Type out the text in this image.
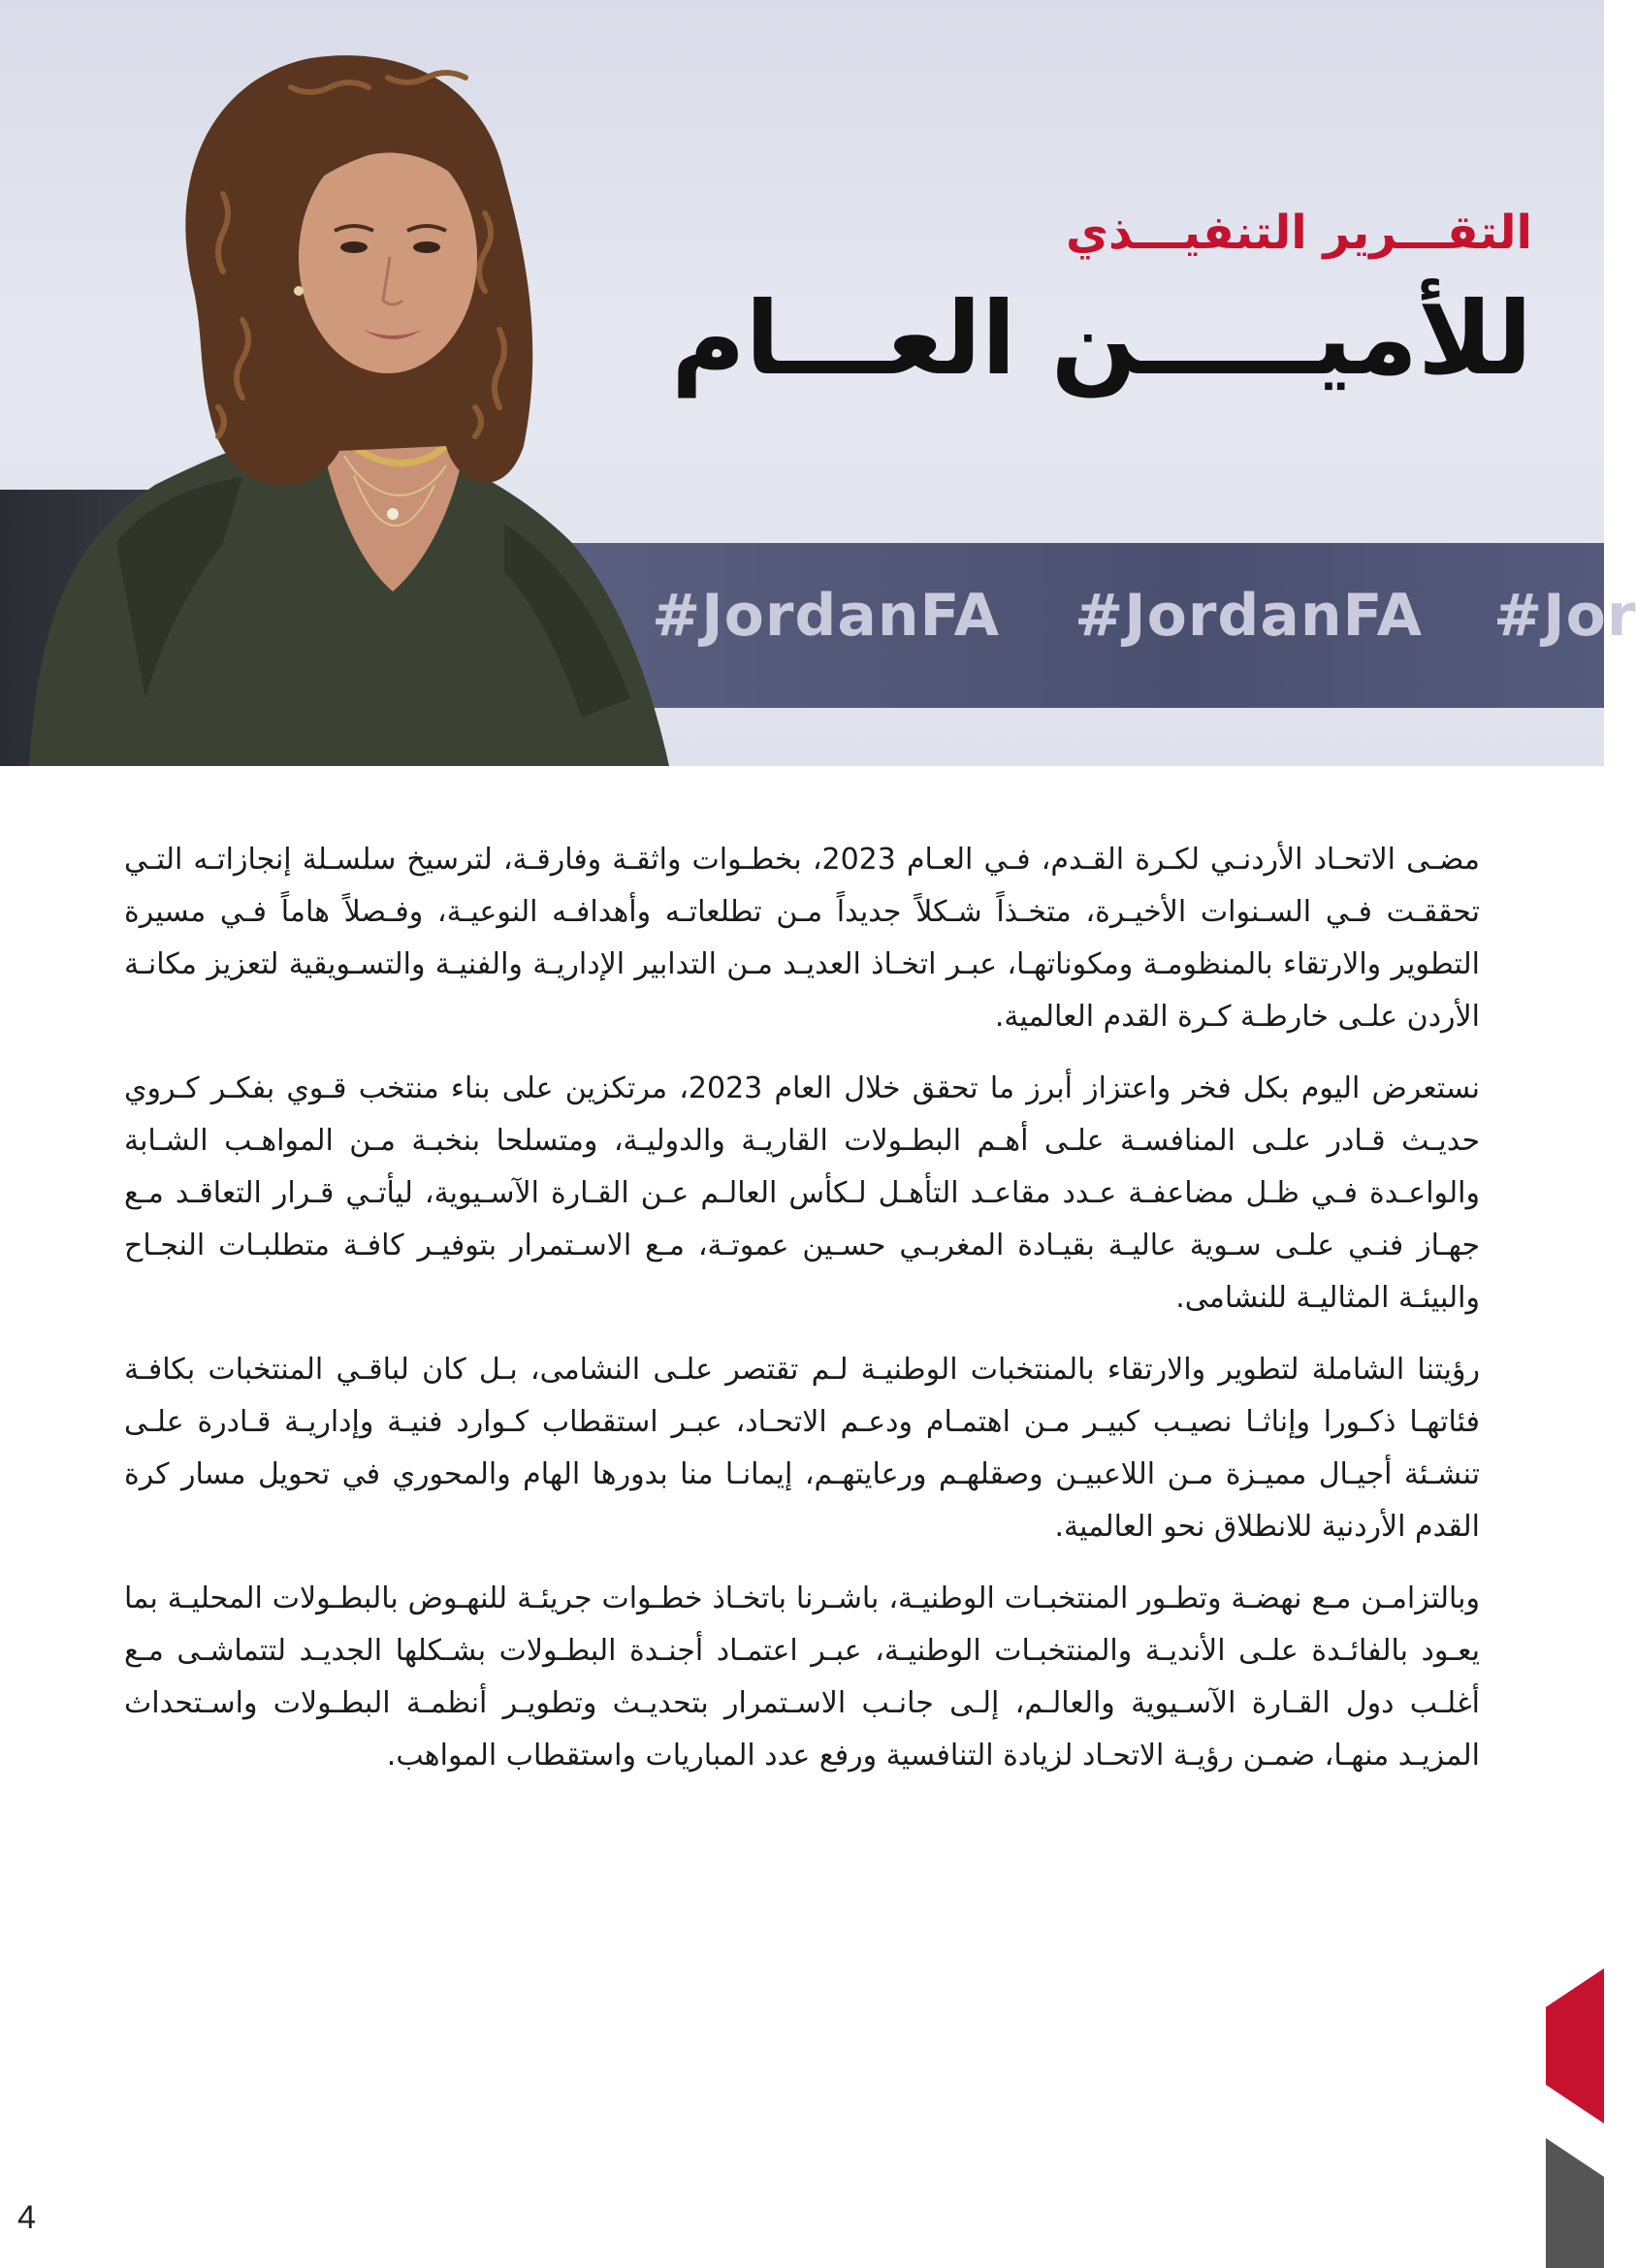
#JordanFA #JordanFA #Jor
التقـــرير التنفيـــذي
للأميـــــن العـــام

مضـى الاتحـاد الأردنـي لكـرة القـدم، فـي العـام 2023، بخطـوات واثقـة وفارقـة، لترسيخ سلسـلة إنجازاتـه التـي تحققـت فـي السـنوات الأخيـرة، متخـذاً شـكلاً جديداً مـن تطلعاتـه وأهدافـه النوعيـة، وفـصلاً هاماً فـي مسيرة التطوير والارتقاء بالمنظومـة ومكوناتهـا، عبـر اتخـاذ العديـد مـن التدابير الإداريـة والفنيـة والتسـويقية لتعزيز مكانـة الأردن علـى خارطـة كـرة القدم العالمية.

نستعرض اليوم بكل فخر واعتزاز أبرز ما تحقق خلال العام 2023، مرتكزين على بناء منتخب قـوي بفكـر كـروي حديـث قـادر علـى المنافسـة علـى أهـم البطـولات القاريـة والدوليـة، ومتسلحا بنخبـة مـن المواهـب الشـابة والواعـدة فـي ظـل مضاعفـة عـدد مقاعـد التأهـل لـكأس العالـم عـن القـارة الآسـيوية، ليأتـي قـرار التعاقـد مـع جهـاز فنـي علـى سـوية عاليـة بقيـادة المغربـي حسـين عموتـة، مـع الاسـتمرار بتوفيـر كافـة متطلبـات النجـاح والبيئـة المثاليـة للنشامى.

رؤيتنا الشاملة لتطوير والارتقاء بالمنتخبات الوطنيـة لـم تقتصر علـى النشامى، بـل كان لباقـي المنتخبات بكافـة فئاتهـا ذكـورا وإناثـا نصيـب كبيـر مـن اهتمـام ودعـم الاتحـاد، عبـر استقطاب كـوارد فنيـة وإداريـة قـادرة علـى تنشـئة أجيـال مميـزة مـن اللاعبيـن وصقلهـم ورعايتهـم، إيمانـا منا بدورها الهام والمحوري في تحويل مسار كرة القدم الأردنية للانطلاق نحو العالمية.

وبالتزامـن مـع نهضـة وتطـور المنتخبـات الوطنيـة، باشـرنا باتخـاذ خطـوات جريئـة للنهـوض بالبطـولات المحليـة بما يعـود بالفائـدة علـى الأنديـة والمنتخبـات الوطنيـة، عبـر اعتمـاد أجنـدة البطـولات بشـكلها الجديـد لتتماشـى مـع أغلـب دول القـارة الآسـيوية والعالـم، إلـى جانـب الاسـتمرار بتحديـث وتطويـر أنظمـة البطـولات واسـتحداث المزيـد منهـا، ضمـن رؤيـة الاتحـاد لزيادة التنافسية ورفع عدد المباريات واستقطاب المواهب.

4
